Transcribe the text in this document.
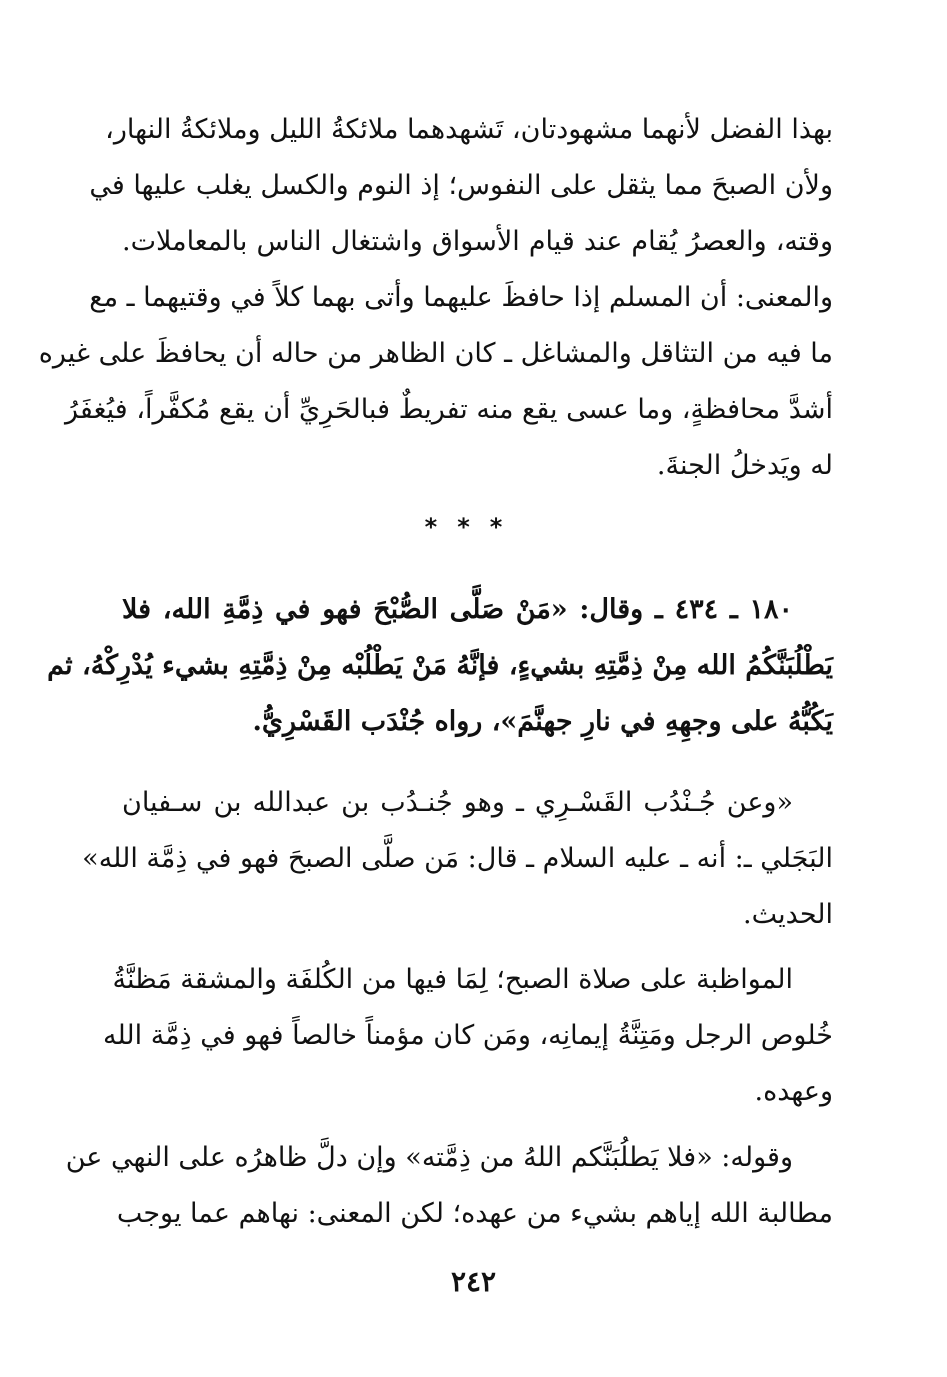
بهذا الفضل لأنهما مشهودتان، تَشهدهما ملائكةُ الليل وملائكةُ النهار،
ولأن الصبحَ مما يثقل على النفوس؛ إذ النوم والكسل يغلب عليها في
وقته، والعصرُ يُقام عند قيام الأسواق واشتغال الناس بالمعاملات.
والمعنى: أن المسلم إذا حافظَ عليهما وأتى بهما كلاً في وقتيهما ـ مع
ما فيه من التثاقل والمشاغل ـ كان الظاهر من حاله أن يحافظَ على غيره
أشدَّ محافظةٍ، وما عسى يقع منه تفريطٌ فبالحَرِيِّ أن يقع مُكفَّراً، فيُغفَرُ
له ويَدخلُ الجنةَ.
***
١٨٠ ـ ٤٣٤ ـ وقال: «مَنْ صَلَّى الصُّبْحَ فهو في ذِمَّةِ الله، فلا
يَطْلُبَنَّكُمُ الله مِنْ ذِمَّتِهِ بشيءٍ، فإنَّهُ مَنْ يَطْلُبْه مِنْ ذِمَّتِهِ بشيء يُدْرِكْهُ، ثم
يَكُبُّهُ على وجهِهِ في نارِ جهنَّمَ»، رواه جُنْدَب القَسْرِيُّ.
«وعن جُـنْدُب القَسْـرِي ـ وهو جُنـدُب بن عبدالله بن سـفيان
البَجَلي ـ: أنه ـ عليه السلام ـ قال: مَن صلَّى الصبحَ فهو في ذِمَّة الله»
الحديث.
المواظبة على صلاة الصبح؛ لِمَا فيها من الكُلفَة والمشقة مَظنَّةُ
خُلوص الرجل ومَتِنَّةُ إيمانِه، ومَن كان مؤمناً خالصاً فهو في ذِمَّة الله
وعهده.
وقوله: «فلا يَطلُبَنَّكم اللهُ من ذِمَّته» وإن دلَّ ظاهرُه على النهي عن
مطالبة الله إياهم بشيء من عهده؛ لكن المعنى: نهاهم عما يوجب
٢٤٢
